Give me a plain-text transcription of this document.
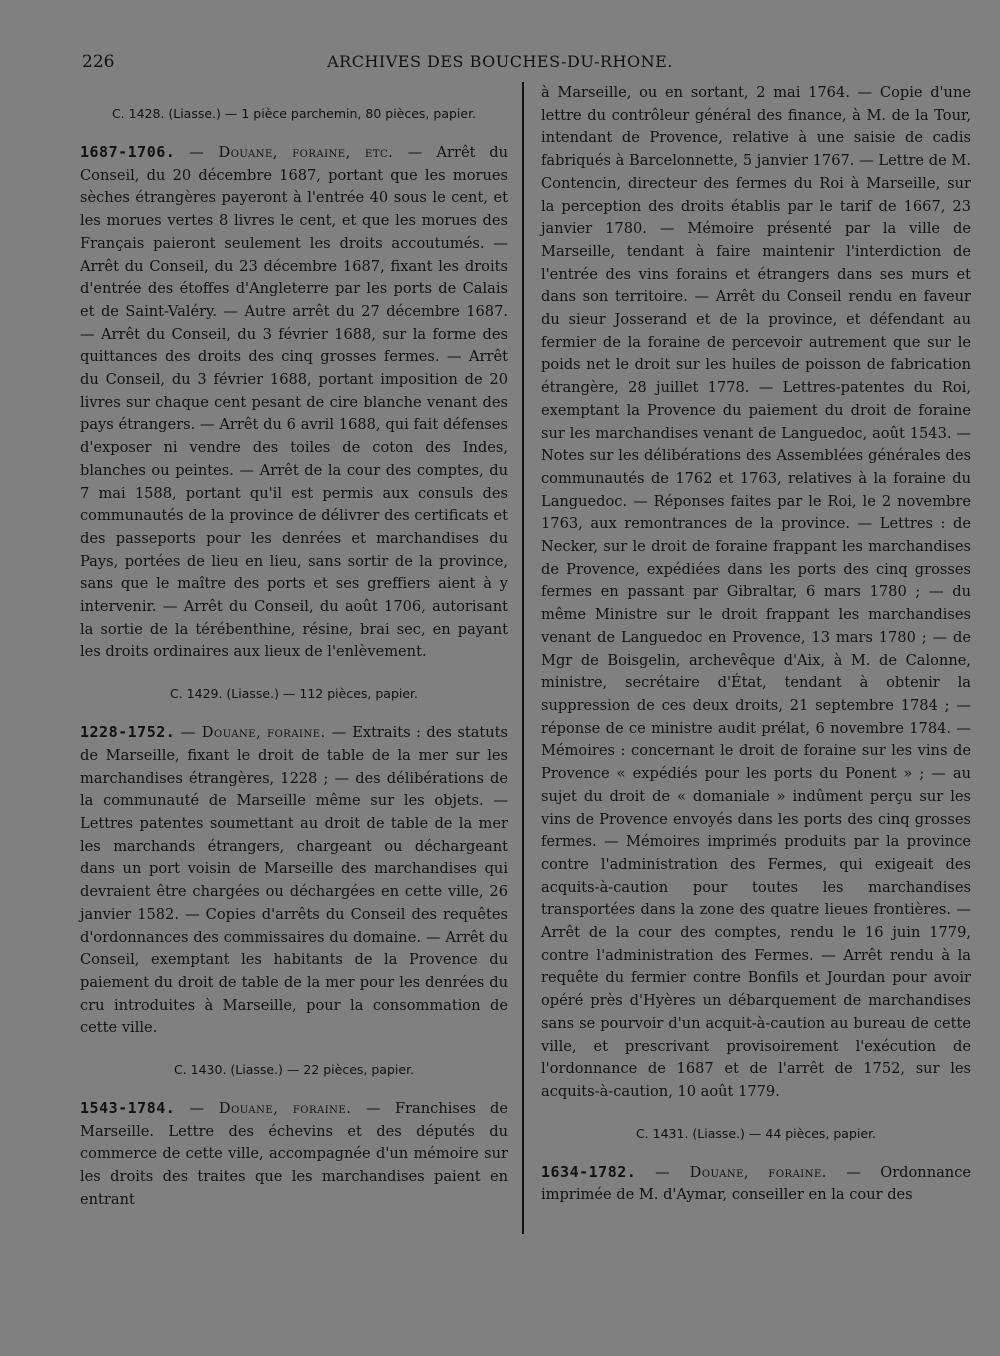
226	ARCHIVES DES BOUCHES-DU-RHONE.
C. 1428. (Liasse.) — 1 pièce parchemin, 80 pièces, papier.

1687-1706. — Douane, foraine, etc. — Arrêt du Conseil, du 20 décembre 1687, portant que les morues sèches étrangères payeront à l'entrée 40 sous le cent, et les morues vertes 8 livres le cent, et que les morues des Français paieront seulement les droits accoutumés. — Arrêt du Conseil, du 23 décembre 1687, fixant les droits d'entrée des étoffes d'Angleterre par les ports de Calais et de Saint-Valéry. — Autre arrêt du 27 décembre 1687. — Arrêt du Conseil, du 3 février 1688, sur la forme des quittances des droits des cinq grosses fermes. — Arrêt du Conseil, du 3 février 1688, portant imposition de 20 livres sur chaque cent pesant de cire blanche venant des pays étrangers. — Arrêt du 6 avril 1688, qui fait défenses d'exposer ni vendre des toiles de coton des Indes, blanches ou peintes. — Arrêt de la cour des comptes, du 7 mai 1588, portant qu'il est permis aux consuls des communautés de la province de délivrer des certificats et des passeports pour les denrées et marchandises du Pays, portées de lieu en lieu, sans sortir de la province, sans que le maître des ports et ses greffiers aient à y intervenir. — Arrêt du Conseil, du août 1706, autorisant la sortie de la térébenthine, résine, brai sec, en payant les droits ordinaires aux lieux de l'enlèvement.

C. 1429. (Liasse.) — 112 pièces, papier.

1228-1752. — Douane, foraine. — Extraits : des statuts de Marseille, fixant le droit de table de la mer sur les marchandises étrangères, 1228 ; — des délibérations de la communauté de Marseille même sur les objets. — Lettres patentes soumettant au droit de table de la mer les marchands étrangers, chargeant ou déchargeant dans un port voisin de Marseille des marchandises qui devraient être chargées ou déchargées en cette ville, 26 janvier 1582. — Copies d'arrêts du Conseil des requêtes d'ordonnances des commissaires du domaine. — Arrêt du Conseil, exemptant les habitants de la Provence du paiement du droit de table de la mer pour les denrées du cru introduites à Marseille, pour la consommation de cette ville.

C. 1430. (Liasse.) — 22 pièces, papier.

1543-1784. — Douane, foraine. — Franchises de Marseille. Lettre des échevins et des députés du commerce de cette ville, accompagnée d'un mémoire sur les droits des traites que les marchandises paient en entrant

à Marseille, ou en sortant, 2 mai 1764. — Copie d'une lettre du contrôleur général des finance, à M. de la Tour, intendant de Provence, relative à une saisie de cadis fabriqués à Barcelonnette, 5 janvier 1767. — Lettre de M. Contencin, directeur des fermes du Roi à Marseille, sur la perception des droits établis par le tarif de 1667, 23 janvier 1780. — Mémoire présenté par la ville de Marseille, tendant à faire maintenir l'interdiction de l'entrée des vins forains et étrangers dans ses murs et dans son territoire. — Arrêt du Conseil rendu en faveur du sieur Josserand et de la province, et défendant au fermier de la foraine de percevoir autrement que sur le poids net le droit sur les huiles de poisson de fabrication étrangère, 28 juillet 1778. — Lettres-patentes du Roi, exemptant la Provence du paiement du droit de foraine sur les marchandises venant de Languedoc, août 1543. — Notes sur les délibérations des Assemblées générales des communautés de 1762 et 1763, relatives à la foraine du Languedoc. — Réponses faites par le Roi, le 2 novembre 1763, aux remontrances de la province. — Lettres : de Necker, sur le droit de foraine frappant les marchandises de Provence, expédiées dans les ports des cinq grosses fermes en passant par Gibraltar, 6 mars 1780 ; — du même Ministre sur le droit frappant les marchandises venant de Languedoc en Provence, 13 mars 1780 ; — de Mgr de Boisgelin, archevêque d'Aix, à M. de Calonne, ministre, secrétaire d'État, tendant à obtenir la suppression de ces deux droits, 21 septembre 1784 ; — réponse de ce ministre audit prélat, 6 novembre 1784. — Mémoires : concernant le droit de foraine sur les vins de Provence « expédiés pour les ports du Ponent » ; — au sujet du droit de « domaniale » indûment perçu sur les vins de Provence envoyés dans les ports des cinq grosses fermes. — Mémoires imprimés produits par la province contre l'administration des Fermes, qui exigeait des acquits-à-caution pour toutes les marchandises transportées dans la zone des quatre lieues frontières. — Arrêt de la cour des comptes, rendu le 16 juin 1779, contre l'administration des Fermes. — Arrêt rendu à la requête du fermier contre Bonfils et Jourdan pour avoir opéré près d'Hyères un débarquement de marchandises sans se pourvoir d'un acquit-à-caution au bureau de cette ville, et prescrivant provisoirement l'exécution de l'ordonnance de 1687 et de l'arrêt de 1752, sur les acquits-à-caution, 10 août 1779.

C. 1431. (Liasse.) — 44 pièces, papier.

1634-1782. — Douane, foraine. — Ordonnance imprimée de M. d'Aymar, conseiller en la cour des
